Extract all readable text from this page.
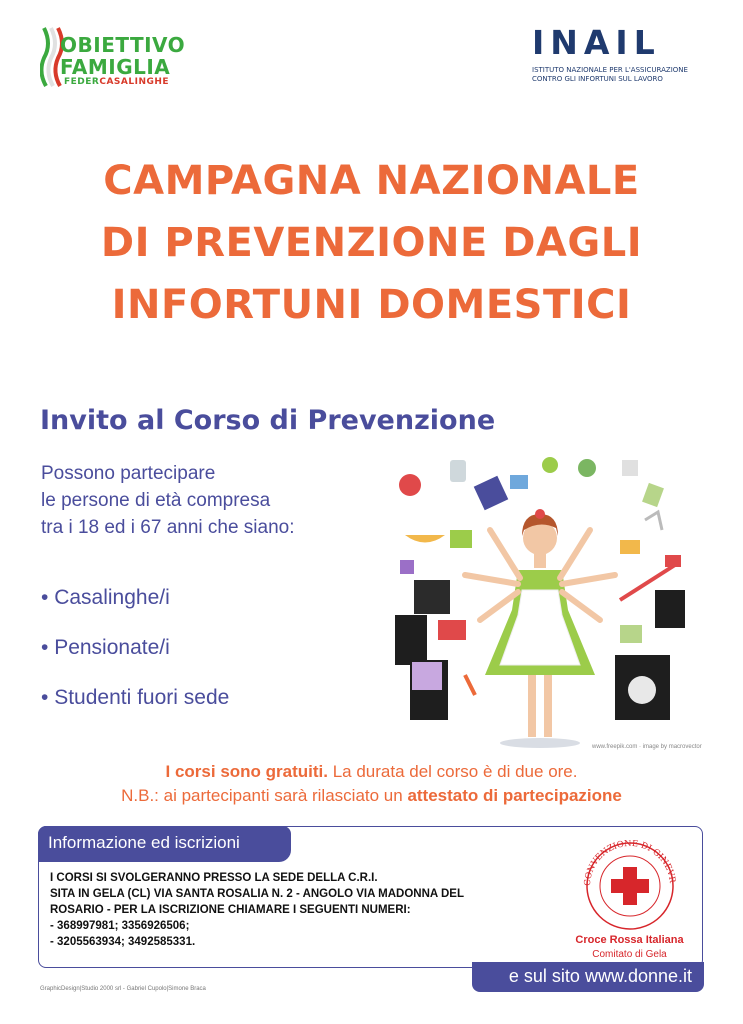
OBIETTIVO
FAMIGLIA
FEDERCASALINGHE
INAIL
ISTITUTO NAZIONALE PER L'ASSICURAZIONE
CONTRO GLI INFORTUNI SUL LAVORO
CAMPAGNA NAZIONALE
DI PREVENZIONE DAGLI
INFORTUNI DOMESTICI
Invito al Corso di Prevenzione
Possono partecipare
le persone di età compresa
tra i 18 ed i 67 anni che siano:
• Casalinghe/i
• Pensionate/i
• Studenti fuori sede
www.freepik.com · image by macrovector
I corsi sono gratuiti. La durata del corso è di due ore.
N.B.: ai partecipanti sarà rilasciato un attestato di partecipazione
Informazione ed iscrizioni
I CORSI SI SVOLGERANNO PRESSO LA SEDE DELLA C.R.I.
SITA IN GELA (CL) VIA SANTA ROSALIA N. 2 - ANGOLO VIA MADONNA DEL
ROSARIO - PER LA ISCRIZIONE CHIAMARE I SEGUENTI NUMERI:
- 368997981; 3356926506;
- 3205563934; 3492585331.
CONVENZIONE DI GINEVR
Croce Rossa Italiana
Comitato di Gela
e sul sito www.donne.it
GraphicDesign|Studio 2000 srl - Gabriel Cupolo|Simone Braca
